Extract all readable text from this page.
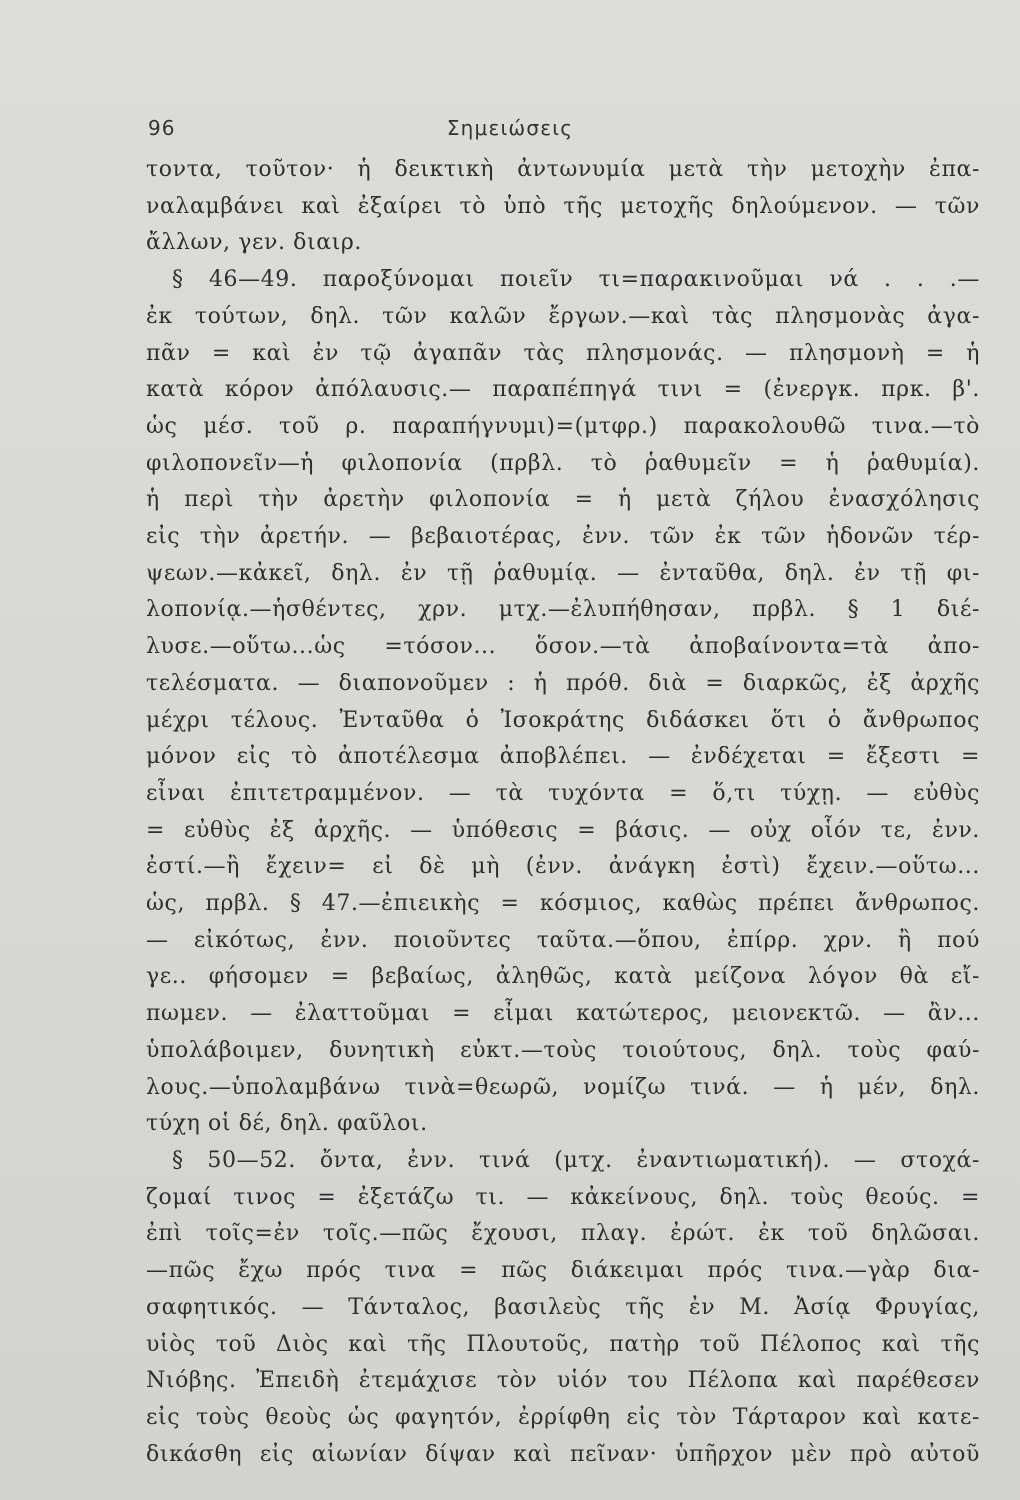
96	Σημειώσεις
τοντα, τοῦτον· ἡ δεικτικὴ ἀντωνυμία μετὰ τὴν μετοχὴν ἐπα-
ναλαμβάνει καὶ ἐξαίρει τὸ ὑπὸ τῆς μετοχῆς δηλούμενον. — τῶν
ἄλλων, γεν. διαιρ.
§ 46—49. παροξύνομαι ποιεῖν τι=παρακινοῦμαι νά . . .—
ἐκ τούτων, δηλ. τῶν καλῶν ἔργων.—καὶ τὰς πλησμονὰς ἀγα-
πᾶν = καὶ ἐν τῷ ἀγαπᾶν τὰς πλησμονάς. — πλησμονὴ = ἡ
κατὰ κόρον ἀπόλαυσις.— παραπέπηγά τινι = (ἐνεργκ. πρκ. β'.
ὡς μέσ. τοῦ ρ. παραπήγνυμι)=(μτφρ.) παρακολουθῶ τινα.—τὸ
φιλοπονεῖν—ἡ φιλοπονία (πρβλ. τὸ ῥαθυμεῖν = ἡ ῥαθυμία).
ἡ περὶ τὴν ἀρετὴν φιλοπονία = ἡ μετὰ ζήλου ἐνασχόλησις
εἰς τὴν ἀρετήν. — βεβαιοτέρας, ἐνν. τῶν ἐκ τῶν ἡδονῶν τέρ-
ψεων.—κἀκεῖ, δηλ. ἐν τῇ ῥαθυμίᾳ. — ἐνταῦθα, δηλ. ἐν τῇ φι-
λοπονίᾳ.—ἡσθέντες, χρν. μτχ.—ἐλυπήθησαν, πρβλ. § 1 διέ-
λυσε.—οὕτω...ὡς =τόσον... ὅσον.—τὰ ἀποβαίνοντα=τὰ ἀπο-
τελέσματα. — διαπονοῦμεν : ἡ πρόθ. διὰ = διαρκῶς, ἐξ ἀρχῆς
μέχρι τέλους. Ἐνταῦθα ὁ Ἰσοκράτης διδάσκει ὅτι ὁ ἄνθρωπος
μόνον εἰς τὸ ἀποτέλεσμα ἀποβλέπει. — ἐνδέχεται = ἔξεστι =
εἶναι ἐπιτετραμμένον. — τὰ τυχόντα = ὅ,τι τύχῃ. — εὐθὺς
= εὐθὺς ἐξ ἀρχῆς. — ὑπόθεσις = βάσις. — οὐχ οἷόν τε, ἐνν.
ἐστί.—ἢ ἔχειν= εἰ δὲ μὴ (ἐνν. ἀνάγκη ἐστὶ) ἔχειν.—οὕτω...
ὡς, πρβλ. § 47.—ἐπιεικὴς = κόσμιος, καθὼς πρέπει ἄνθρωπος.
— εἰκότως, ἐνν. ποιοῦντες ταῦτα.—ὅπου, ἐπίρρ. χρν. ἢ πού
γε.. φήσομεν = βεβαίως, ἀληθῶς, κατὰ μείζονα λόγον θὰ εἴ-
πωμεν. — ἐλαττοῦμαι = εἶμαι κατώτερος, μειονεκτῶ. — ἂν...
ὑπολάβοιμεν, δυνητικὴ εὐκτ.—τοὺς τοιούτους, δηλ. τοὺς φαύ-
λους.—ὑπολαμβάνω τινὰ=θεωρῶ, νομίζω τινά. — ἡ μέν, δηλ.
τύχη οἱ δέ, δηλ. φαῦλοι.
§ 50—52. ὄντα, ἐνν. τινά (μτχ. ἐναντιωματική). — στοχά-
ζομαί τινος = ἐξετάζω τι. — κἀκείνους, δηλ. τοὺς θεούς. =
ἐπὶ τοῖς=ἐν τοῖς.—πῶς ἔχουσι, πλαγ. ἐρώτ. ἐκ τοῦ δηλῶσαι.
—πῶς ἔχω πρός τινα = πῶς διάκειμαι πρός τινα.—γὰρ δια-
σαφητικός. — Τάνταλος, βασιλεὺς τῆς ἐν Μ. Ἀσίᾳ Φρυγίας,
υἱὸς τοῦ Διὸς καὶ τῆς Πλουτοῦς, πατὴρ τοῦ Πέλοπος καὶ τῆς
Νιόβης. Ἐπειδὴ ἐτεμάχισε τὸν υἱόν του Πέλοπα καὶ παρέθεσεν
εἰς τοὺς θεοὺς ὡς φαγητόν, ἐρρίφθη εἰς τὸν Τάρταρον καὶ κατε-
δικάσθη εἰς αἰωνίαν δίψαν καὶ πεῖναν· ὑπῆρχον μὲν πρὸ αὐτοῦ
